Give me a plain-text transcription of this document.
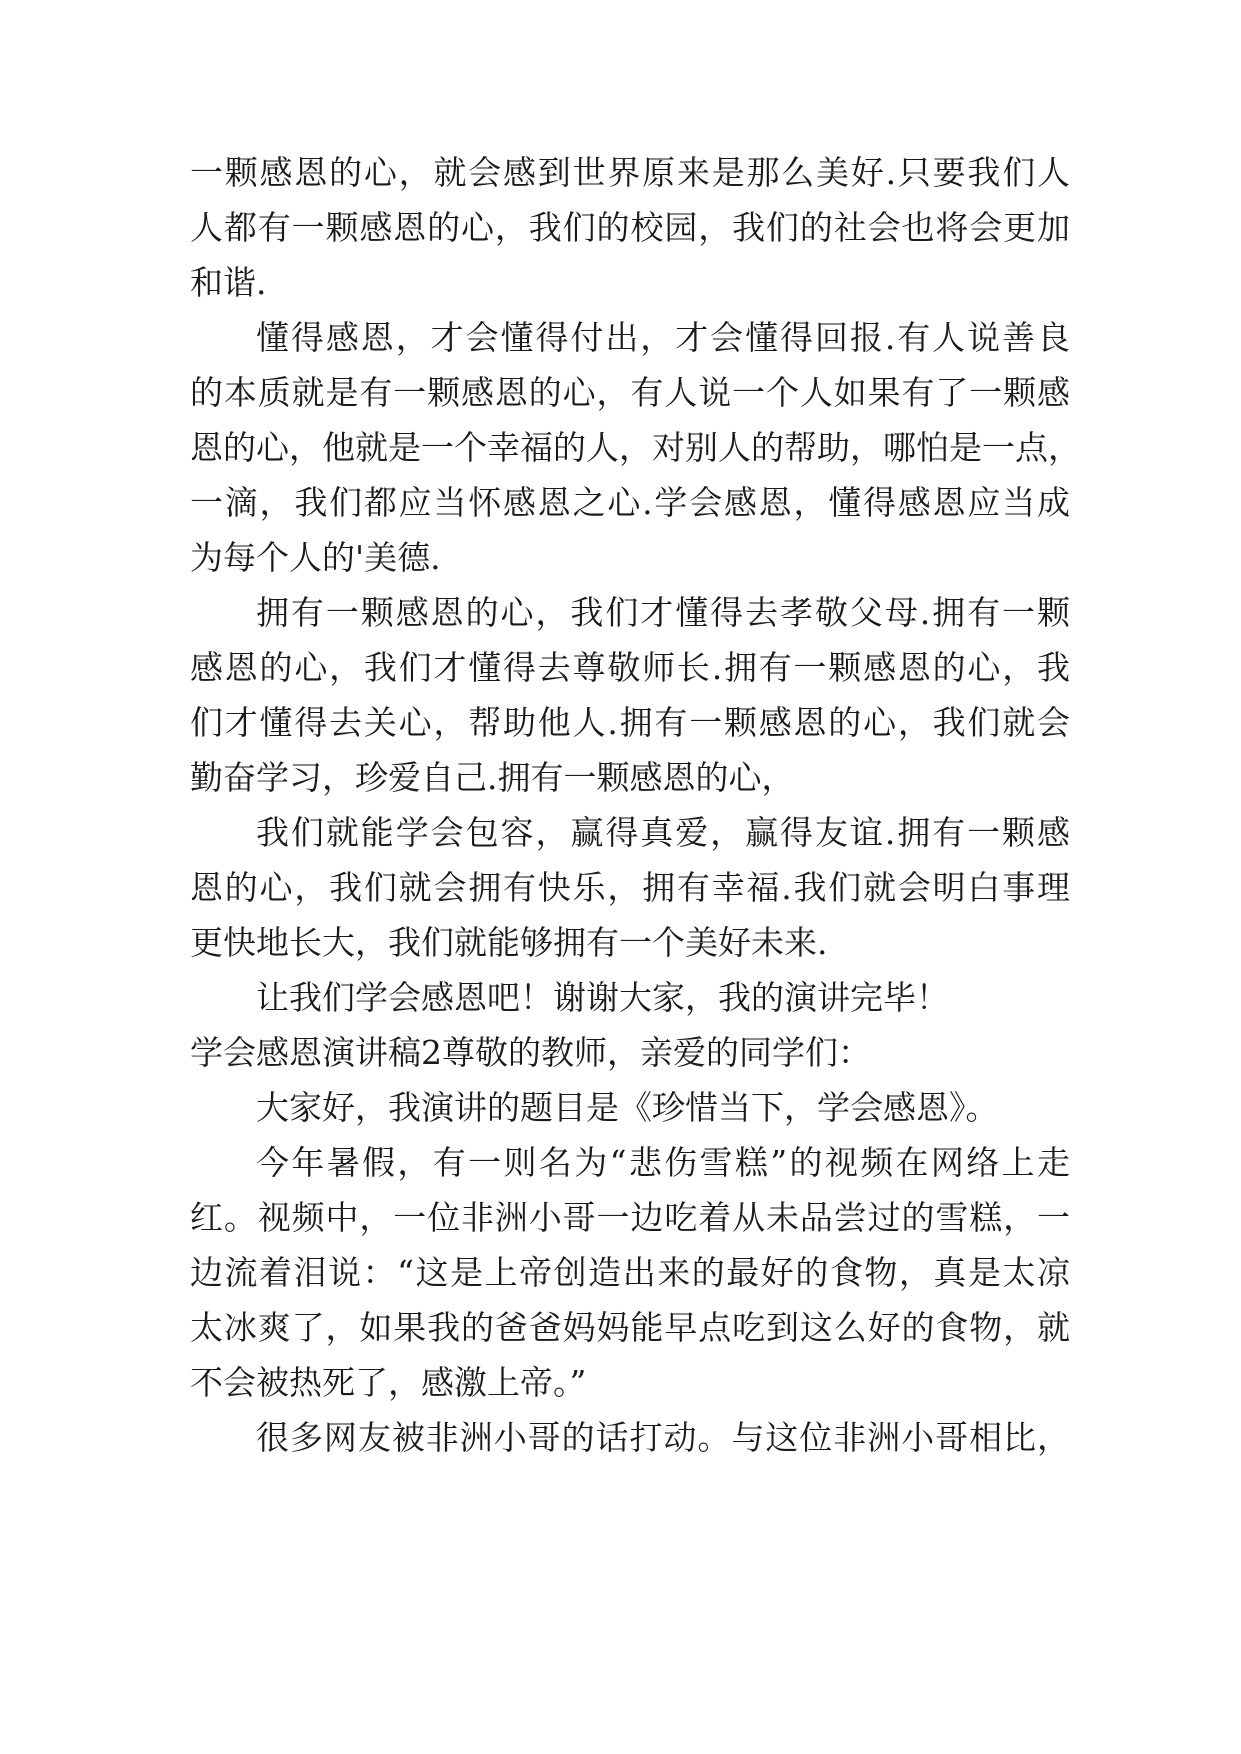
一颗感恩的心，就会感到世界原来是那么美好.只要我们人
人都有一颗感恩的心，我们的校园，我们的社会也将会更加
和谐.
懂得感恩，才会懂得付出，才会懂得回报.有人说善良
的本质就是有一颗感恩的心，有人说一个人如果有了一颗感
恩的心，他就是一个幸福的人，对别人的帮助，哪怕是一点，
一滴，我们都应当怀感恩之心.学会感恩，懂得感恩应当成
为每个人的'美德.
拥有一颗感恩的心，我们才懂得去孝敬父母.拥有一颗
感恩的心，我们才懂得去尊敬师长.拥有一颗感恩的心，我
们才懂得去关心，帮助他人.拥有一颗感恩的心，我们就会
勤奋学习，珍爱自己.拥有一颗感恩的心，
我们就能学会包容，赢得真爱，赢得友谊.拥有一颗感
恩的心，我们就会拥有快乐，拥有幸福.我们就会明白事理
更快地长大，我们就能够拥有一个美好未来.
让我们学会感恩吧！谢谢大家，我的演讲完毕！
学会感恩演讲稿2尊敬的教师，亲爱的同学们：
大家好，我演讲的题目是《珍惜当下，学会感恩》。
今年暑假，有一则名为“悲伤雪糕”的视频在网络上走
红。视频中，一位非洲小哥一边吃着从未品尝过的雪糕，一
边流着泪说：“这是上帝创造出来的最好的食物，真是太凉
太冰爽了，如果我的爸爸妈妈能早点吃到这么好的食物，就
不会被热死了，感激上帝。”
很多网友被非洲小哥的话打动。与这位非洲小哥相比，
